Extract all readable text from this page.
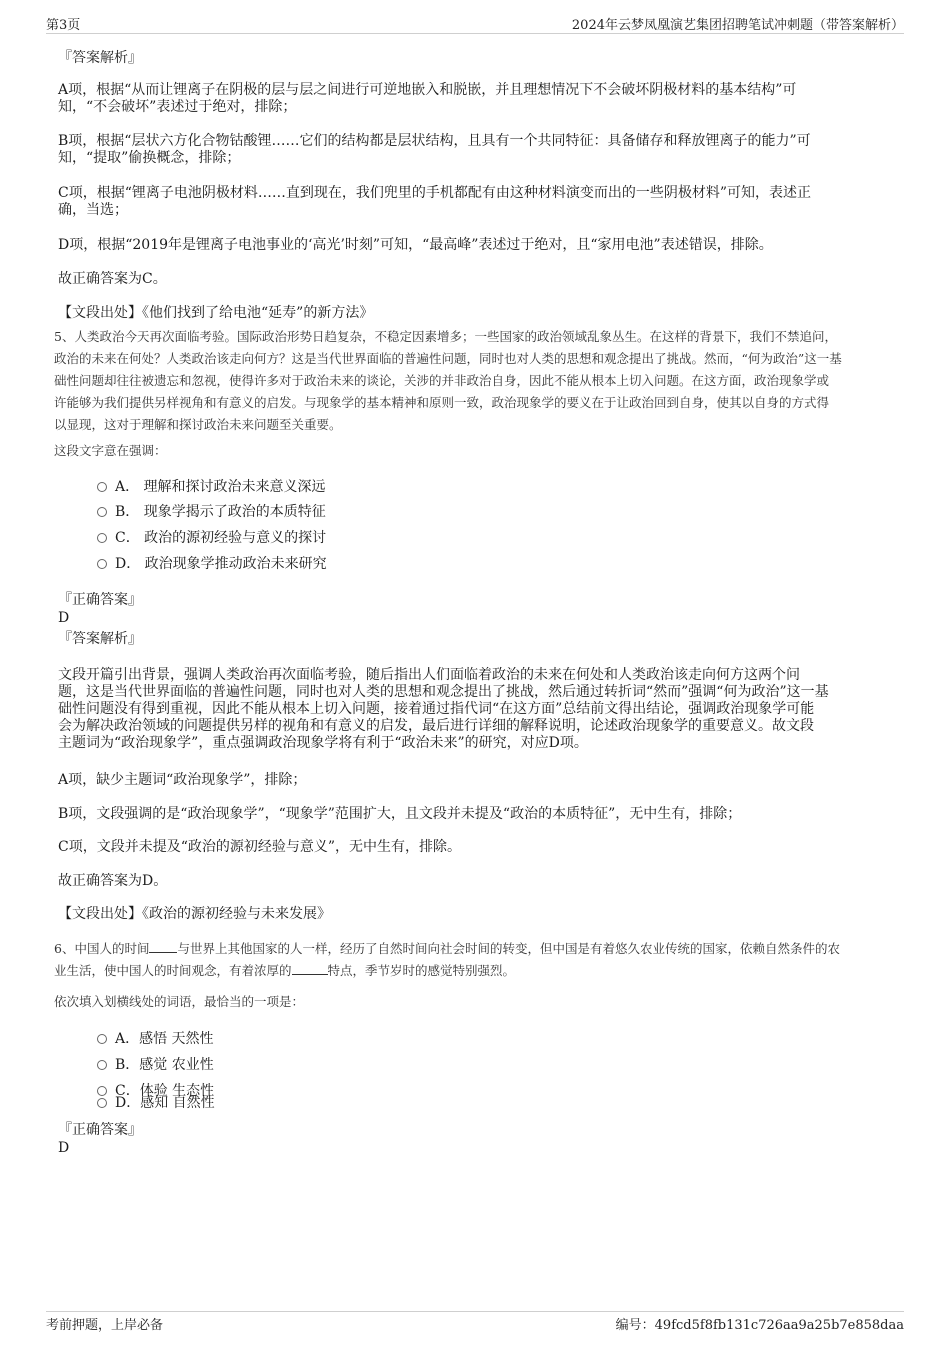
第3页	2024年云梦凤凰演艺集团招聘笔试冲刺题（带答案解析）
『答案解析』
A项，根据“从而让锂离子在阴极的层与层之间进行可逆地嵌入和脱嵌，并且理想情况下不会破坏阴极材料的基本结构”可
知，“不会破坏”表述过于绝对，排除；
B项，根据“层状六方化合物钴酸锂……它们的结构都是层状结构，且具有一个共同特征：具备储存和释放锂离子的能力”可
知，“提取”偷换概念，排除；
C项，根据“锂离子电池阴极材料……直到现在，我们兜里的手机都配有由这种材料演变而出的一些阴极材料”可知，表述正
确，当选；
D项，根据“2019年是锂离子电池事业的‘高光’时刻”可知，“最高峰”表述过于绝对，且“家用电池”表述错误，排除。
故正确答案为C。
【文段出处】《他们找到了给电池“延寿”的新方法》
5、人类政治今天再次面临考验。国际政治形势日趋复杂，不稳定因素增多；一些国家的政治领域乱象丛生。在这样的背景下，我们不禁追问，
政治的未来在何处？人类政治该走向何方？这是当代世界面临的普遍性问题，同时也对人类的思想和观念提出了挑战。然而，“何为政治”这一基
础性问题却往往被遗忘和忽视，使得许多对于政治未来的谈论，关涉的并非政治自身，因此不能从根本上切入问题。在这方面，政治现象学或
许能够为我们提供另样视角和有意义的启发。与现象学的基本精神和原则一致，政治现象学的要义在于让政治回到自身，使其以自身的方式得
以显现，这对于理解和探讨政治未来问题至关重要。
这段文字意在强调：
A． 理解和探讨政治未来意义深远
B． 现象学揭示了政治的本质特征
C． 政治的源初经验与意义的探讨
D． 政治现象学推动政治未来研究
『正确答案』
D
『答案解析』
文段开篇引出背景，强调人类政治再次面临考验，随后指出人们面临着政治的未来在何处和人类政治该走向何方这两个问
题，这是当代世界面临的普遍性问题，同时也对人类的思想和观念提出了挑战，然后通过转折词“然而”强调“何为政治”这一基
础性问题没有得到重视，因此不能从根本上切入问题，接着通过指代词“在这方面”总结前文得出结论，强调政治现象学可能
会为解决政治领域的问题提供另样的视角和有意义的启发，最后进行详细的解释说明，论述政治现象学的重要意义。故文段
主题词为“政治现象学”，重点强调政治现象学将有利于“政治未来”的研究，对应D项。
A项，缺少主题词“政治现象学”，排除；
B项，文段强调的是“政治现象学”，“现象学”范围扩大，且文段并未提及“政治的本质特征”，无中生有，排除；
C项，文段并未提及“政治的源初经验与意义”，无中生有，排除。
故正确答案为D。
【文段出处】《政治的源初经验与未来发展》
6、中国人的时间 与世界上其他国家的人一样，经历了自然时间向社会时间的转变，但中国是有着悠久农业传统的国家，依赖自然条件的农
业生活，使中国人的时间观念，有着浓厚的	特点，季节岁时的感觉特别强烈。
依次填入划横线处的词语，最恰当的一项是：
A．感悟 天然性
B．感觉 农业性
C．体验 生态性
D．感知 自然性
『正确答案』
D
考前押题，上岸必备	编号：49fcd5f8fb131c726aa9a25b7e858daa
